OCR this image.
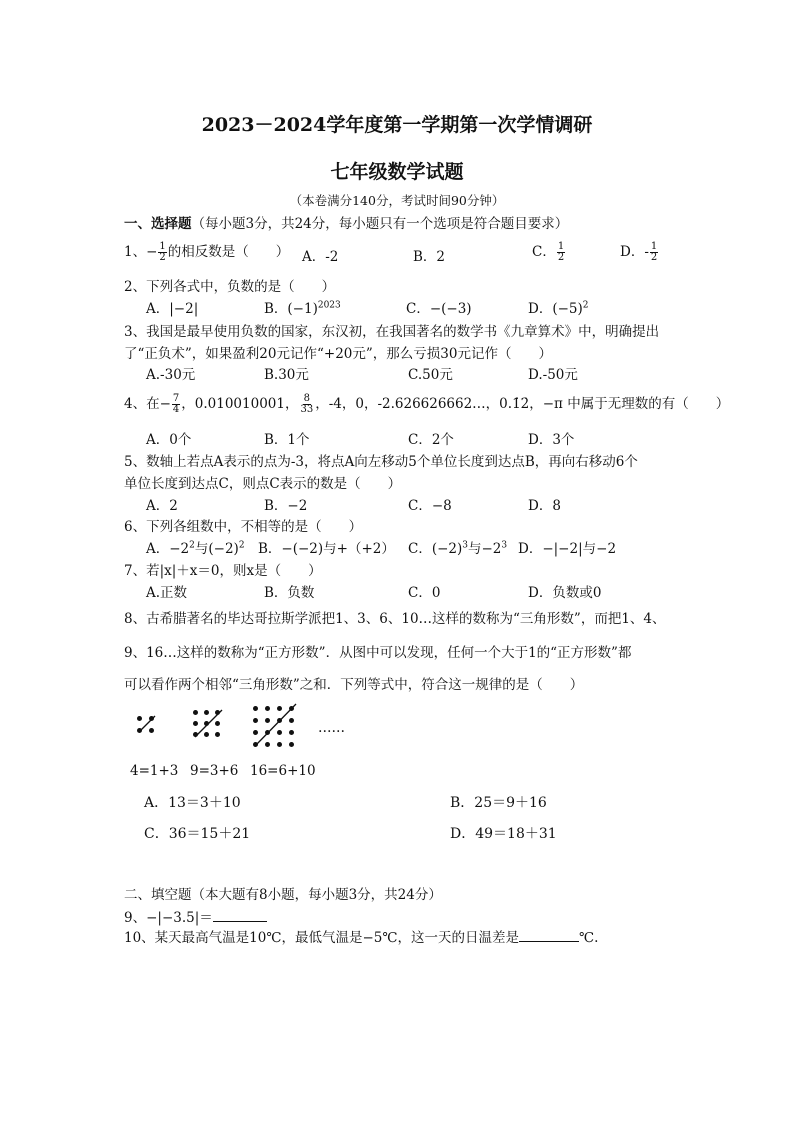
2023－2024学年度第一学期第一次学情调研
七年级数学试题
（本卷满分140分，考试时间90分钟）
一、选择题（每小题3分，共24分，每小题只有一个选项是符合题目要求）
1、− $\frac{1}{2}$ 的相反数是（　　） A．-2	B．2	C． $\frac{1}{2}$	D．- $\frac{1}{2}$
2、下列各式中，负数的是（　　）
A．|−2|	B．$(-1)^{2023}$	C．−(−3)	D．$(-5)^2$
3、我国是最早使用负数的国家，东汉初，在我国著名的数学书《九章算术》中，明确提出
了“正负术”，如果盈利20元记作“+20元”，那么亏损30元记作（　　）
A.-30元	B.30元	C.50元	D.-50元
4、在− $\frac{7}{4}$ ，0.010010001， $\frac{8}{33}$ ，-4，0，-2.626626662…，0.1̇2̇，−π 中属于无理数的有（　　）
A．0个	B．1个	C．2个	D．3个
5、数轴上若点A表示的点为-3，将点A向左移动5个单位长度到达点B，再向右移动6个
单位长度到达点C，则点C表示的数是（　　）
A．2	B．−2	C．−8	D．8
6、下列各组数中，不相等的是（　　）
A．$-2^2$与$(-2)^2$ B．−(−2)与+（+2） C．$(-2)^3$与$-2^3$ D．−|−2|与−2
7、若|x|＋x＝0，则x是（　　）
A.正数	B．负数	C．0	D．负数或0
8、古希腊著名的毕达哥拉斯学派把1、3、6、10…这样的数称为“三角形数”，而把1、4、
9、16…这样的数称为“正方形数”．从图中可以发现，任何一个大于1的“正方形数”都
可以看作两个相邻“三角形数”之和．下列等式中，符合这一规律的是（　　）
……
4=1+3 9=3+6 16=6+10
A．13＝3＋10	B．25＝9＋16
C．36＝15＋21	D．49＝18＋31
二、填空题（本大题有8小题，每小题3分，共24分）
9、−|−3.5|＝
10、某天最高气温是10℃，最低气温是−5℃，这一天的日温差是	℃.
